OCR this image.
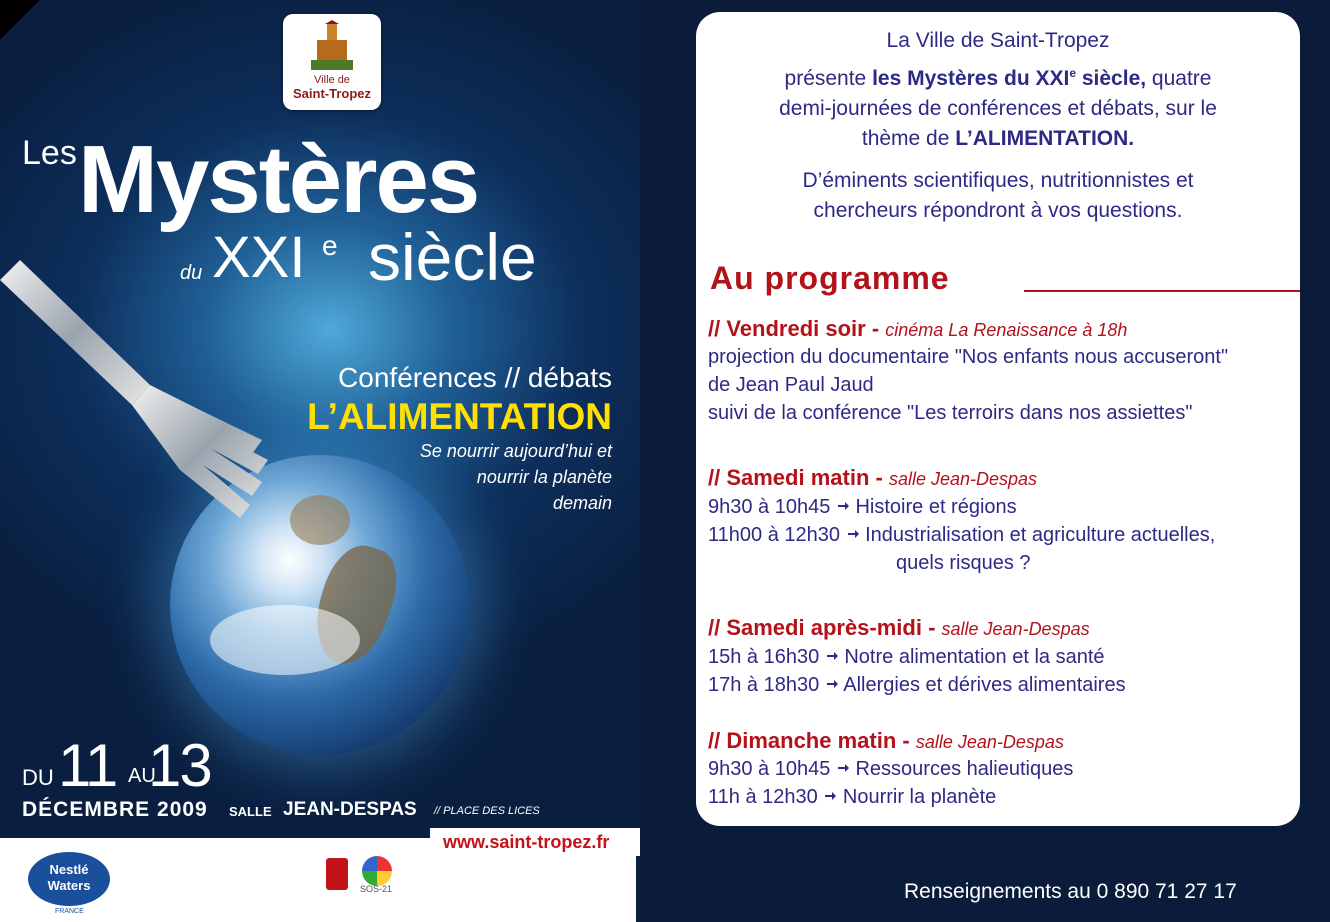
Ville de
Saint-Tropez
Les Mystères
du XXI e siècle
Conférences // débats
L’ALIMENTATION
Se nourrir aujourd’hui et
nourrir la planète
demain
DU 11 AU
13
DÉCEMBRE 2009 SALLE JEAN-DESPAS // PLACE DES LICES
www.saint-tropez.fr
Nestlé Waters
FRANCE
SOS-21
La Ville de Saint-Tropez
présente les Mystères du XXIe siècle, quatre
demi-journées de conférences et débats, sur le
thème de L’ALIMENTATION.
D’éminents scientifiques, nutritionnistes et
chercheurs répondront à vos questions.
Au programme
// Vendredi soir - cinéma La Renaissance à 18h
projection du documentaire "Nos enfants nous accuseront"
de Jean Paul Jaud
suivi de la conférence "Les terroirs dans nos assiettes"
// Samedi matin - salle Jean-Despas
9h30 à 10h45 Histoire et régions
11h00 à 12h30 Industrialisation et agriculture actuelles,
quels risques ?
// Samedi après-midi - salle Jean-Despas
15h à 16h30 Notre alimentation et la santé
17h à 18h30 Allergies et dérives alimentaires
// Dimanche matin - salle Jean-Despas
9h30 à 10h45 Ressources halieutiques
11h à 12h30 Nourrir la planète
Renseignements au 0 890 71 27 17
